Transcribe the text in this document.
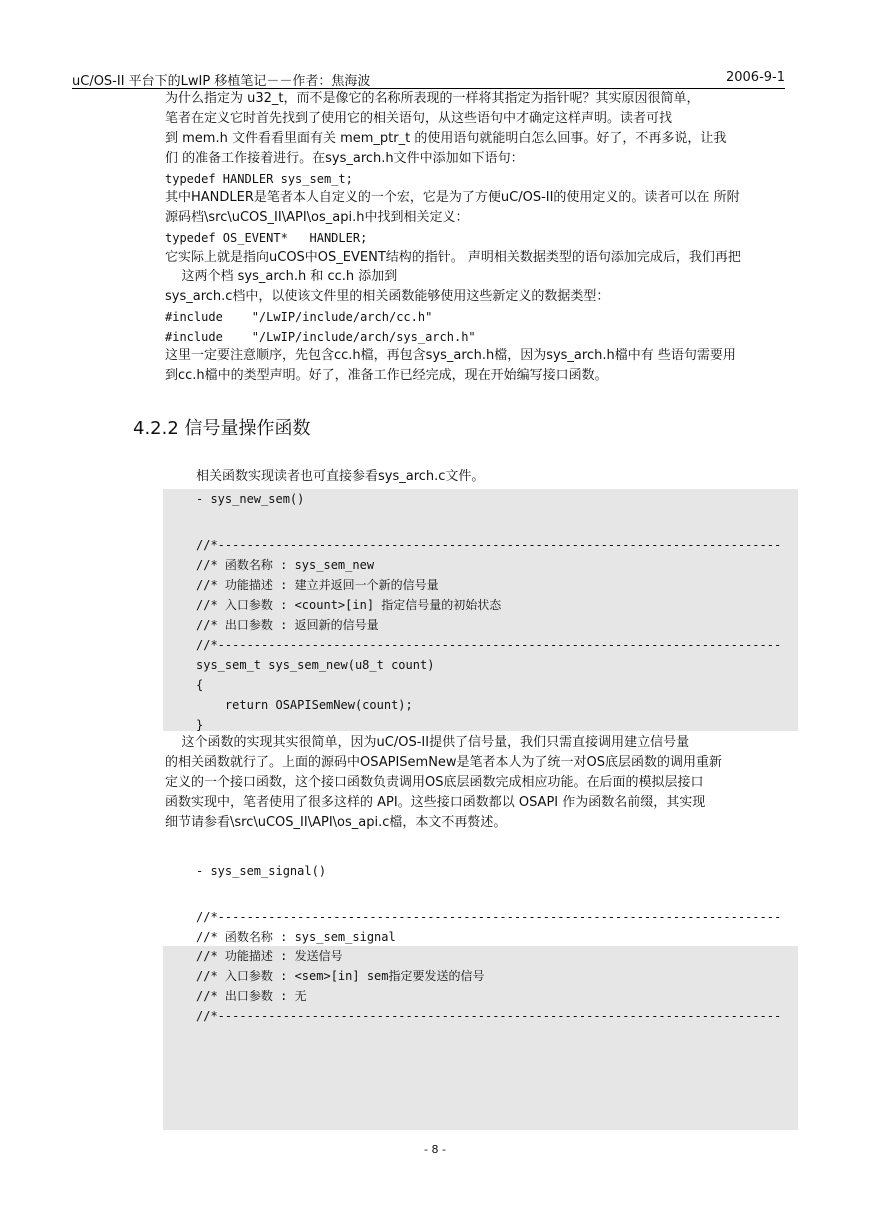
uC/OS-II 平台下的LwIP 移植笔记－－作者：焦海波	2006-9-1
为什么指定为 u32_t，而不是像它的名称所表现的一样将其指定为指针呢？其实原因很简单，
笔者在定义它时首先找到了使用它的相关语句，从这些语句中才确定这样声明。读者可找
到 mem.h 文件看看里面有关 mem_ptr_t 的使用语句就能明白怎么回事。好了，不再多说，让我
们 的准备工作接着进行。在sys_arch.h文件中添加如下语句：
typedef HANDLER sys_sem_t;
其中HANDLER是笔者本人自定义的一个宏，它是为了方便uC/OS-II的使用定义的。读者可以在 所附
源码档\src\uCOS_II\API\os_api.h中找到相关定义：
typedef OS_EVENT*   HANDLER;
它实际上就是指向uCOS中OS_EVENT结构的指针。 声明相关数据类型的语句添加完成后，我们再把
这两个档 sys_arch.h 和 cc.h 添加到
sys_arch.c档中，以使该文件里的相关函数能够使用这些新定义的数据类型：
#include    "/LwIP/include/arch/cc.h"
#include    "/LwIP/include/arch/sys_arch.h"
这里一定要注意顺序，先包含cc.h檔，再包含sys_arch.h檔，因为sys_arch.h檔中有 些语句需要用
到cc.h檔中的类型声明。好了，准备工作已经完成，现在开始编写接口函数。
4.2.2 信号量操作函数
相关函数实现读者也可直接参看sys_arch.c文件。
- sys_new_sem()
//*------------------------------------------------------------------------------
//* 函数名称 : sys_sem_new
//* 功能描述 : 建立并返回一个新的信号量
//* 入口参数 : <count>[in] 指定信号量的初始状态
//* 出口参数 : 返回新的信号量
//*------------------------------------------------------------------------------
sys_sem_t sys_sem_new(u8_t count)
{
return OSAPISemNew(count);
}
这个函数的实现其实很简单，因为uC/OS-II提供了信号量，我们只需直接调用建立信号量
的相关函数就行了。上面的源码中OSAPISemNew是笔者本人为了统一对OS底层函数的调用重新
定义的一个接口函数，这个接口函数负责调用OS底层函数完成相应功能。在后面的模拟层接口
函数实现中，笔者使用了很多这样的 API。这些接口函数都以 OSAPI 作为函数名前缀，其实现
细节请参看\src\uCOS_II\API\os_api.c檔，本文不再赘述。
- sys_sem_signal()
//*------------------------------------------------------------------------------
//* 函数名称 : sys_sem_signal
//* 功能描述 : 发送信号
//* 入口参数 : <sem>[in] sem指定要发送的信号
//* 出口参数 : 无
//*------------------------------------------------------------------------------
- 8 -
